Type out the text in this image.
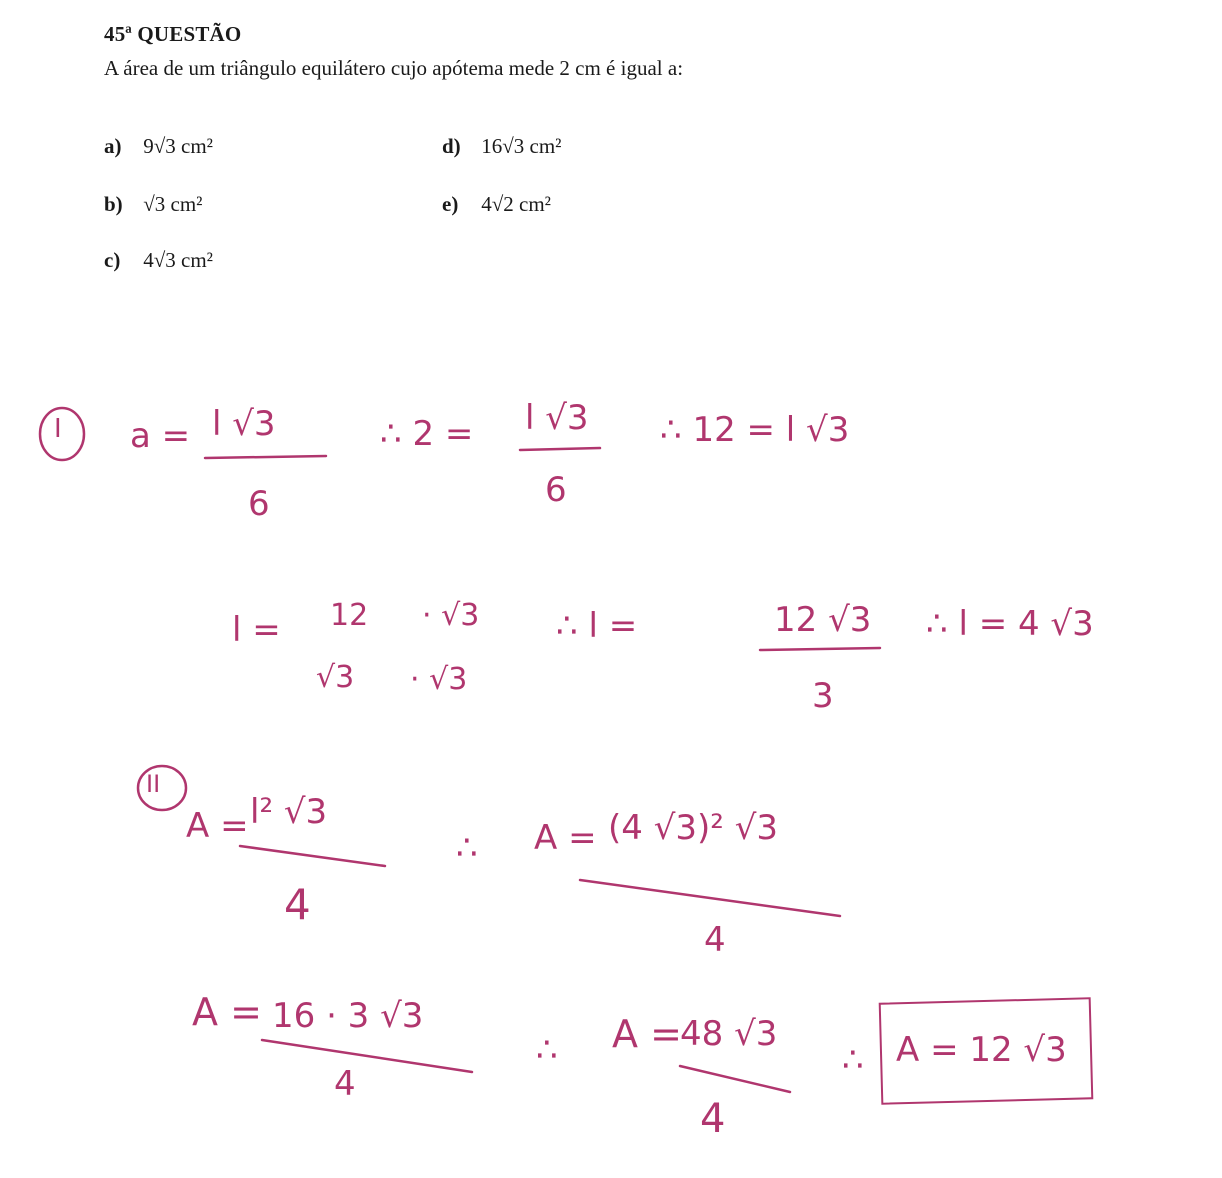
45ª QUESTÃO
A área de um triângulo equilátero cujo apótema mede 2 cm é igual a:
a) 9√3 cm²
b) √3 cm²
c) 4√3 cm²
d) 16√3 cm²
e) 4√2 cm²
I a = l √3
6
∴ 2 = l √3
6
∴ 12 = l √3
l = 12
√3
· √3
· √3
∴ l =	12 √3
3
∴ l = 4 √3
II
A = l² √3
4
∴ A = (4 √3)² √3
4
A = 16 · 3 √3
4
∴ A =
48 √3
4
∴ A = 12 √3
